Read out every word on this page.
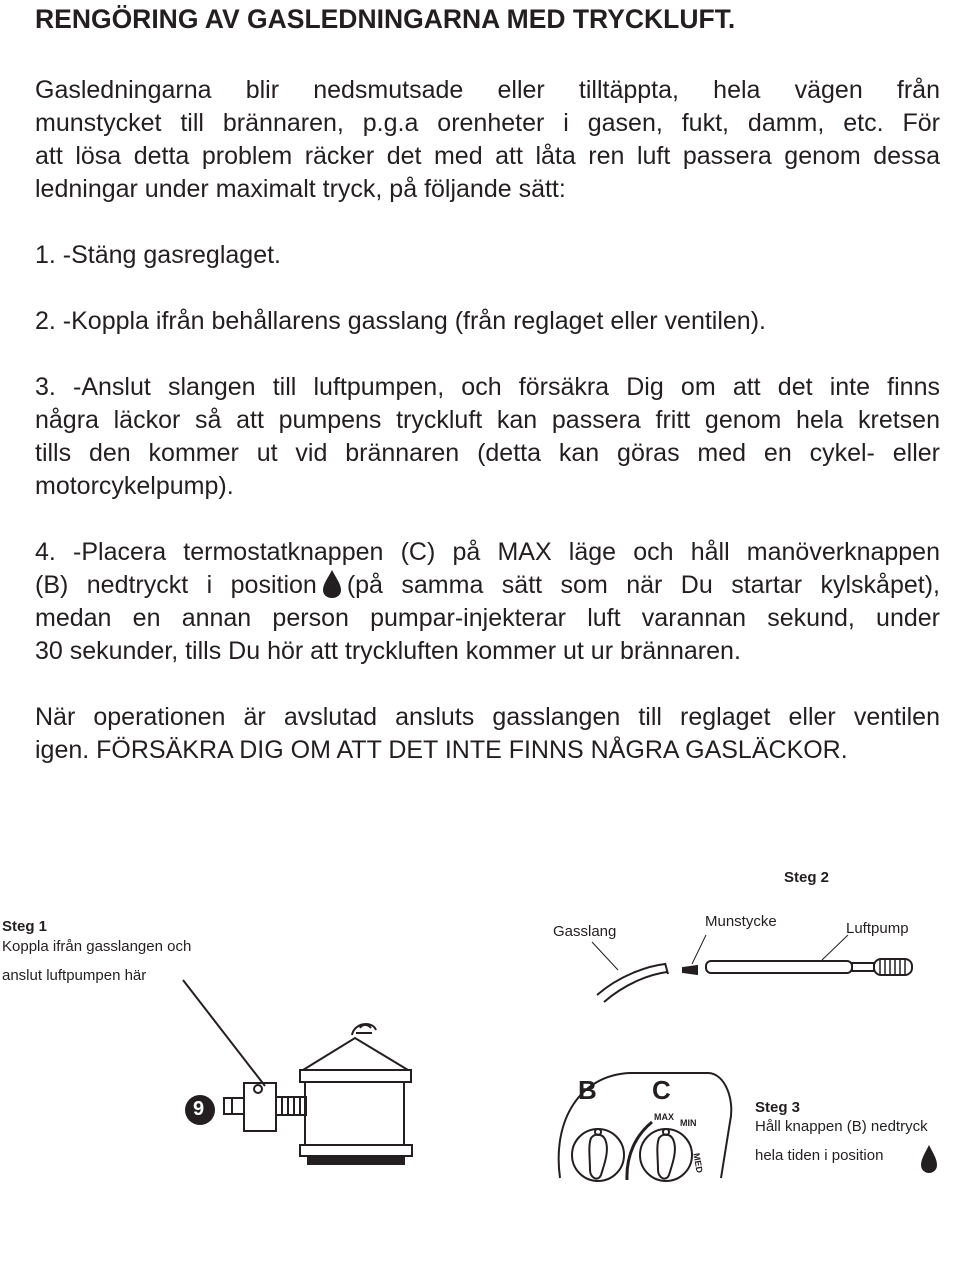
RENGÖRING AV GASLEDNINGARNA MED TRYCKLUFT.

Gasledningarna blir nedsmutsade eller tilltäppta, hela vägen från

munstycket till brännaren, p.g.a orenheter i gasen, fukt, damm, etc. För

att lösa detta problem räcker det med att låta ren luft passera genom dessa

ledningar under maximalt tryck, på följande sätt:

1. -Stäng gasreglaget.

2. -Koppla ifrån behållarens gasslang (från reglaget eller ventilen).

3. -Anslut slangen till luftpumpen, och försäkra Dig om att det inte finns

några läckor så att pumpens tryckluft kan passera fritt genom hela kretsen

tills den kommer ut vid brännaren (detta kan göras med en cykel- eller

motorcykelpump).

4. -Placera termostatknappen (C) på MAX läge och håll manöverknappen

(B) nedtryckt i position (på samma sätt som när Du startar kylskåpet),

medan en annan person pumpar-injekterar luft varannan sekund, under

30 sekunder, tills Du hör att tryckluften kommer ut ur brännaren.

När operationen är avslutad ansluts gasslangen till reglaget eller ventilen

igen. FÖRSÄKRA DIG OM ATT DET INTE FINNS NÅGRA GASLÄCKOR.

Steg 2

Steg 1

Koppla ifrån gasslangen och

anslut luftpumpen här

Gasslang

Munstycke	Luftpump

Steg 3

Håll knappen (B) nedtryck

hela tiden i position

9

B C

MAX

MIN

MED
